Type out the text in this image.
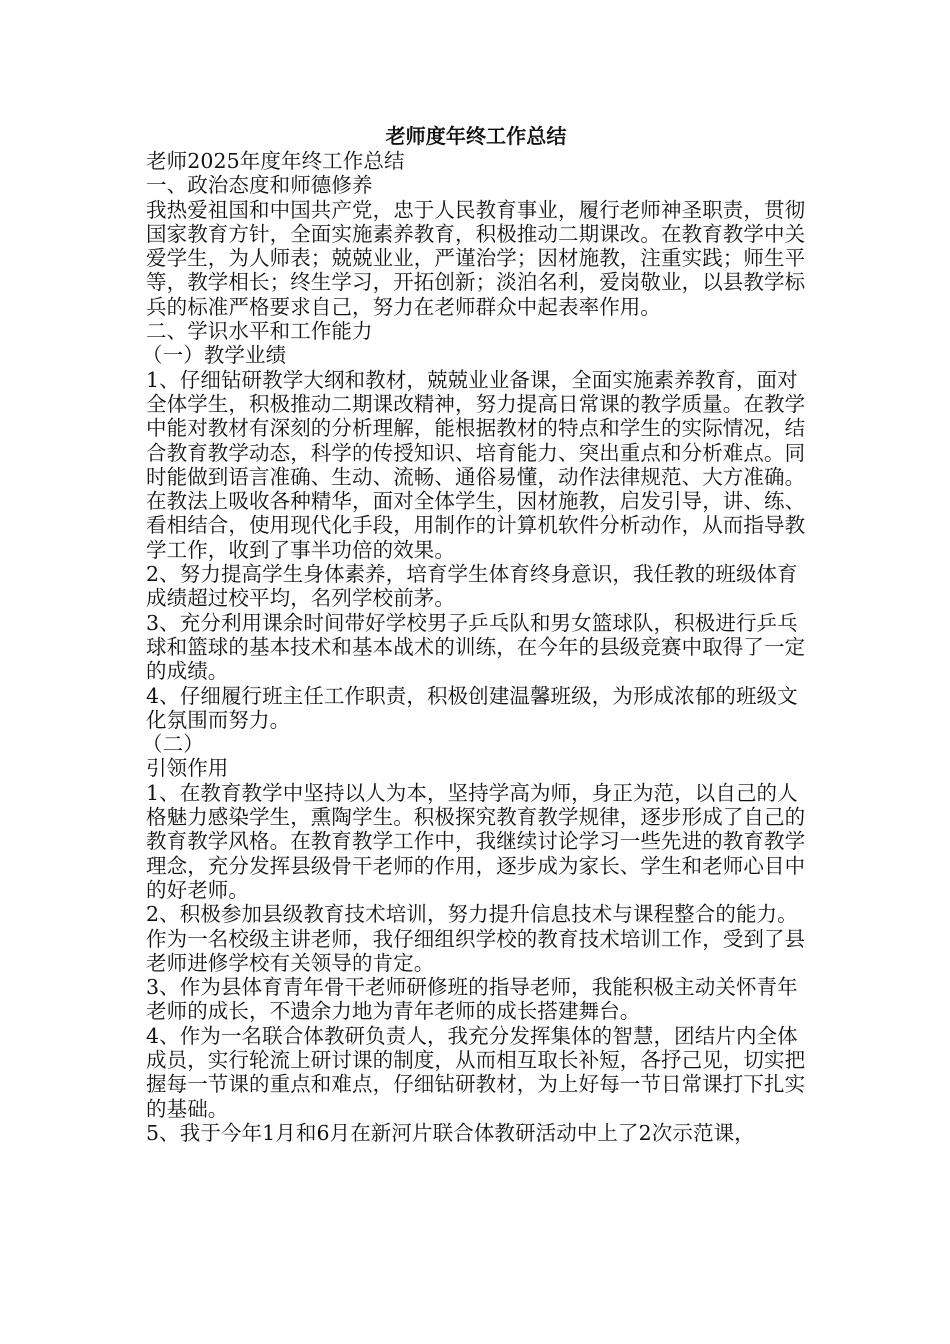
老师度年终工作总结
老师2025年度年终工作总结
一、政治态度和师德修养
我热爱祖国和中国共产党，忠于人民教育事业，履行老师神圣职责，贯彻国家教育方针，全面实施素养教育，积极推动二期课改。在教育教学中关爱学生，为人师表；兢兢业业，严谨治学；因材施教，注重实践；师生平等，教学相长；终生学习，开拓创新；淡泊名利，爱岗敬业，以县教学标兵的标准严格要求自己，努力在老师群众中起表率作用。
二、学识水平和工作能力
（一）教学业绩
1、仔细钻研教学大纲和教材，兢兢业业备课，全面实施素养教育，面对全体学生，积极推动二期课改精神，努力提高日常课的教学质量。在教学中能对教材有深刻的分析理解，能根据教材的特点和学生的实际情况，结合教育教学动态，科学的传授知识、培育能力、突出重点和分析难点。同时能做到语言准确、生动、流畅、通俗易懂，动作法律规范、大方准确。在教法上吸收各种精华，面对全体学生，因材施教，启发引导，讲、练、看相结合，使用现代化手段，用制作的计算机软件分析动作，从而指导教学工作，收到了事半功倍的效果。
2、努力提高学生身体素养，培育学生体育终身意识，我任教的班级体育成绩超过校平均，名列学校前茅。
3、充分利用课余时间带好学校男子乒乓队和男女篮球队，积极进行乒乓球和篮球的基本技术和基本战术的训练，在今年的县级竞赛中取得了一定的成绩。
4、仔细履行班主任工作职责，积极创建温馨班级，为形成浓郁的班级文化氛围而努力。
（二）
引领作用
1、在教育教学中坚持以人为本，坚持学高为师，身正为范，以自己的人格魅力感染学生，熏陶学生。积极探究教育教学规律，逐步形成了自己的教育教学风格。在教育教学工作中，我继续讨论学习一些先进的教育教学理念，充分发挥县级骨干老师的作用，逐步成为家长、学生和老师心目中的好老师。
2、积极参加县级教育技术培训，努力提升信息技术与课程整合的能力。作为一名校级主讲老师，我仔细组织学校的教育技术培训工作，受到了县老师进修学校有关领导的肯定。
3、作为县体育青年骨干老师研修班的指导老师，我能积极主动关怀青年老师的成长，不遗余力地为青年老师的成长搭建舞台。
4、作为一名联合体教研负责人，我充分发挥集体的智慧，团结片内全体成员，实行轮流上研讨课的制度，从而相互取长补短，各抒己见，切实把握每一节课的重点和难点，仔细钻研教材，为上好每一节日常课打下扎实的基础。
5、我于今年1月和6月在新河片联合体教研活动中上了2次示范课，
